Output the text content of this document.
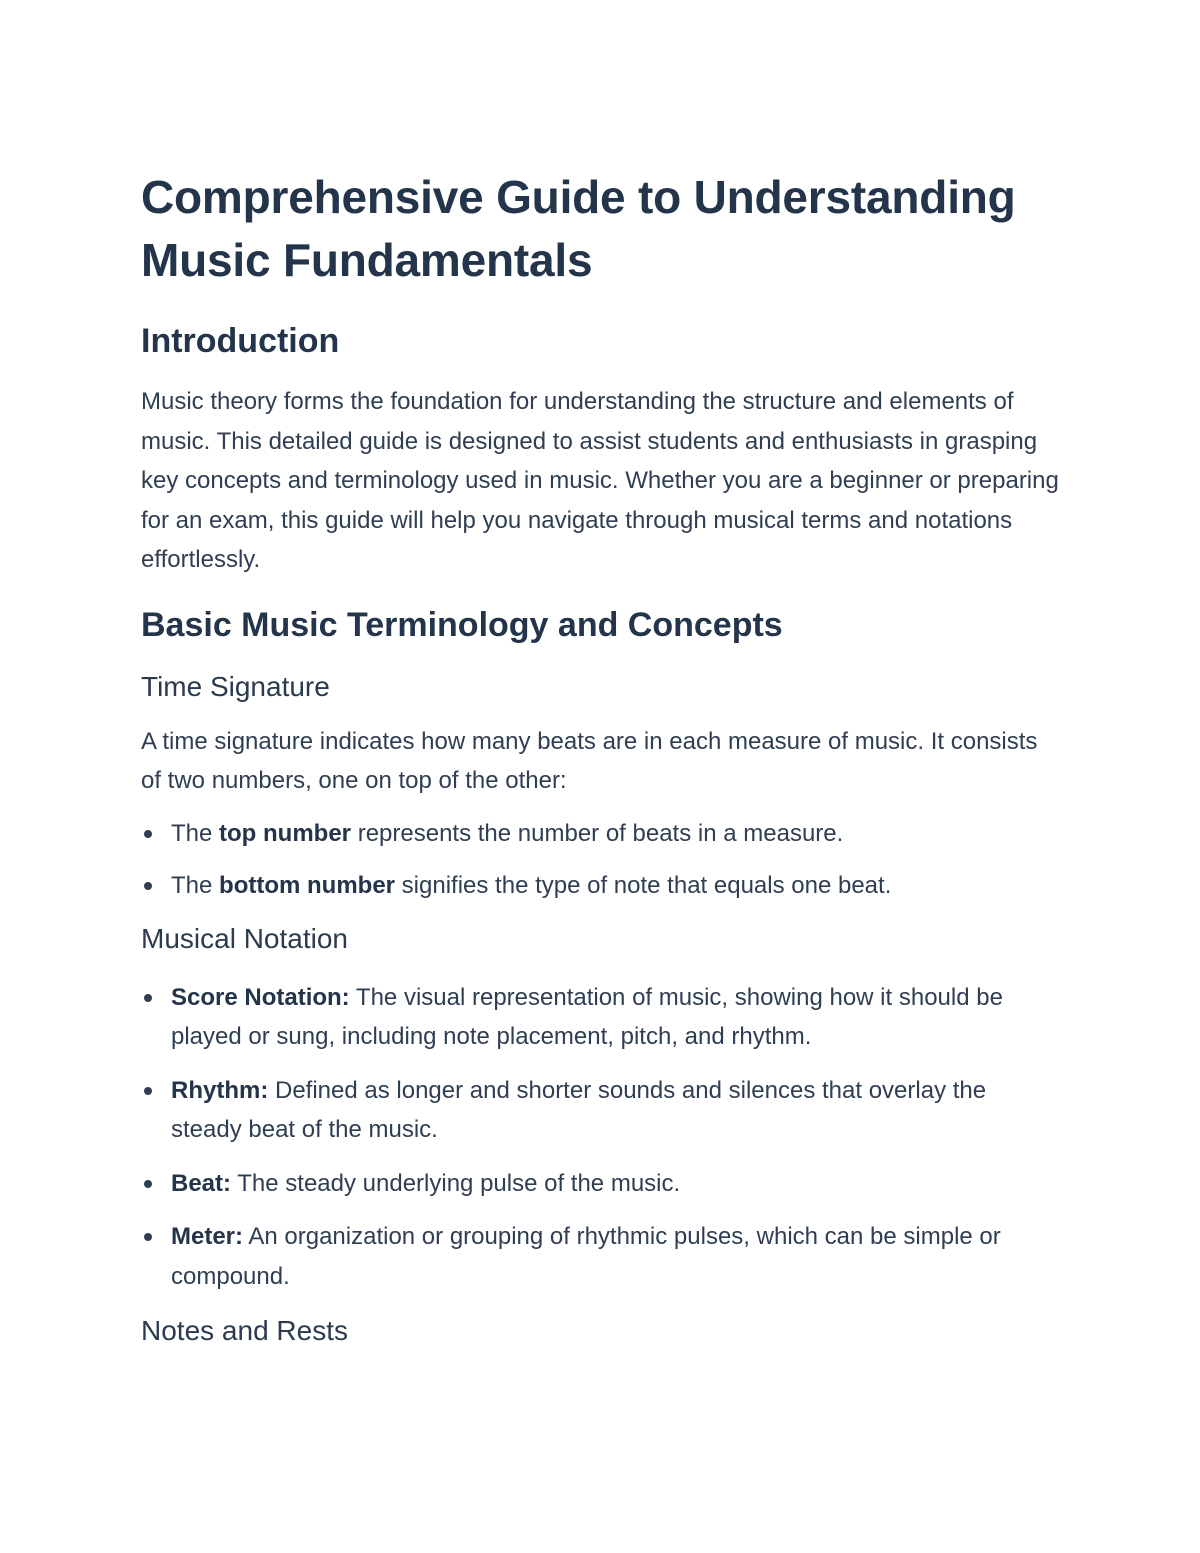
Comprehensive Guide to Understanding Music Fundamentals
Introduction

Music theory forms the foundation for understanding the structure and elements of music. This detailed guide is designed to assist students and enthusiasts in grasping key concepts and terminology used in music. Whether you are a beginner or preparing for an exam, this guide will help you navigate through musical terms and notations effortlessly.

Basic Music Terminology and Concepts
Time Signature

A time signature indicates how many beats are in each measure of music. It consists of two numbers, one on top of the other:

The top number represents the number of beats in a measure.
The bottom number signifies the type of note that equals one beat.
Musical Notation
Score Notation: The visual representation of music, showing how it should be played or sung, including note placement, pitch, and rhythm.
Rhythm: Defined as longer and shorter sounds and silences that overlay the steady beat of the music.
Beat: The steady underlying pulse of the music.
Meter: An organization or grouping of rhythmic pulses, which can be simple or compound.
Notes and Rests
